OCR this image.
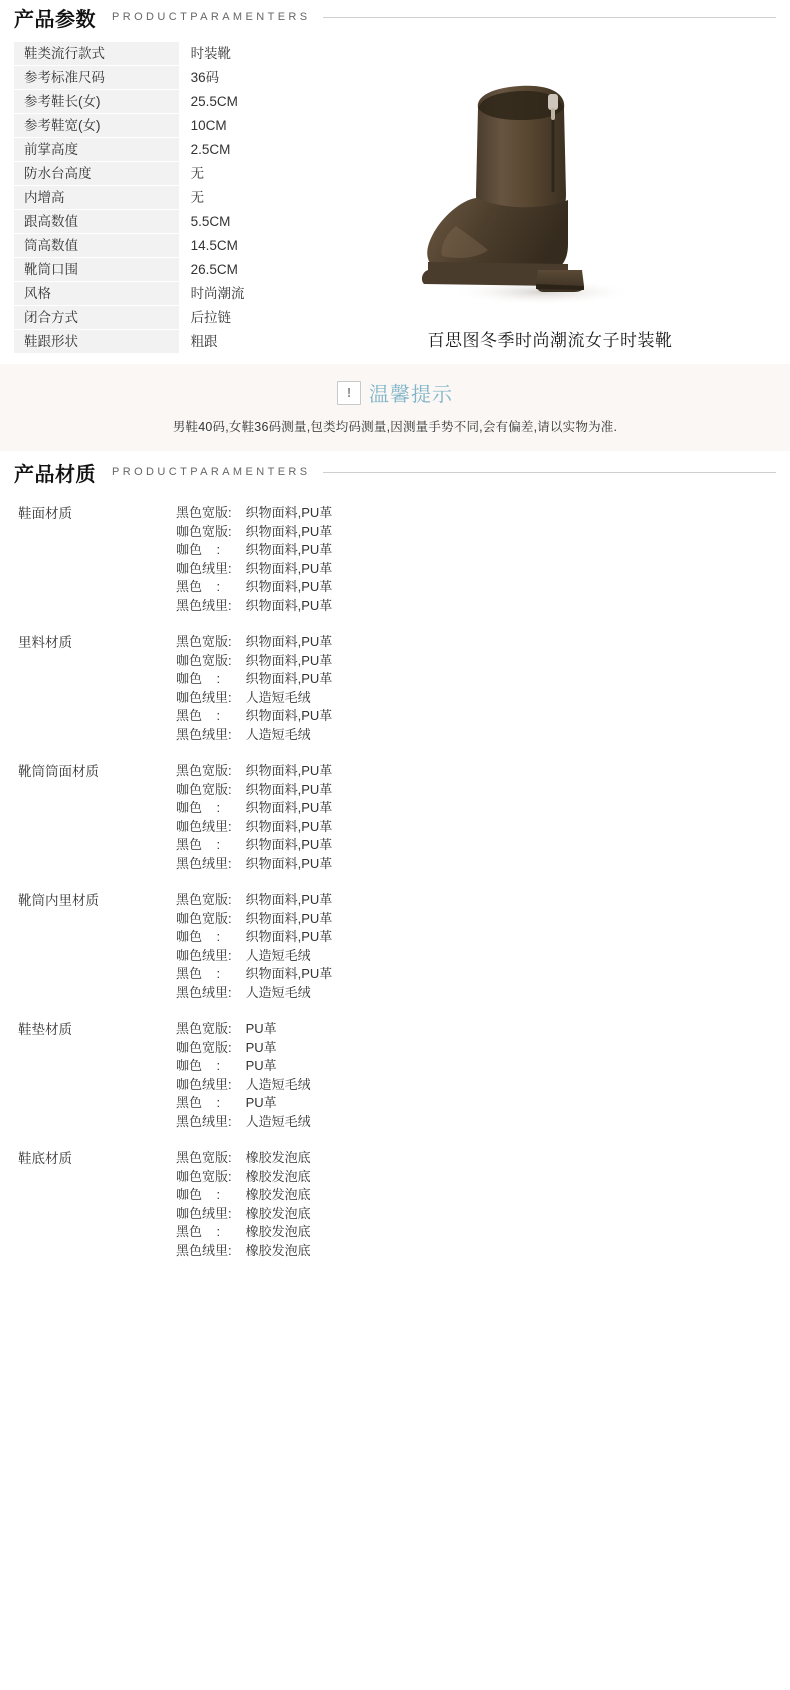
产品参数 PRODUCTPARAMENTERS
鞋类流行款式	时装靴
参考标准尺码	36码
参考鞋长(女)	25.5CM
参考鞋宽(女)	10CM
前掌高度	2.5CM
防水台高度	无
内增高	无
跟高数值	5.5CM
筒高数值	14.5CM
靴筒口围	26.5CM
风格	时尚潮流
闭合方式	后拉链
鞋跟形状	粗跟	百思图冬季时尚潮流女子时装靴
! 温馨提示
男鞋40码,女鞋36码测量,包类均码测量,因测量手势不同,会有偏差,请以实物为准.
产品材质 PRODUCTPARAMENTERS
鞋面材质	黑色宽版: 织物面料,PU革
咖色宽版: 织物面料,PU革
咖色    : 织物面料,PU革
咖色绒里: 织物面料,PU革
黑色    : 织物面料,PU革
黑色绒里: 织物面料,PU革
里料材质	黑色宽版: 织物面料,PU革
咖色宽版: 织物面料,PU革
咖色    : 织物面料,PU革
咖色绒里: 人造短毛绒
黑色    : 织物面料,PU革
黑色绒里: 人造短毛绒
靴筒筒面材质	黑色宽版: 织物面料,PU革
咖色宽版: 织物面料,PU革
咖色    : 织物面料,PU革
咖色绒里: 织物面料,PU革
黑色    : 织物面料,PU革
黑色绒里: 织物面料,PU革
靴筒内里材质	黑色宽版: 织物面料,PU革
咖色宽版: 织物面料,PU革
咖色    : 织物面料,PU革
咖色绒里: 人造短毛绒
黑色    : 织物面料,PU革
黑色绒里: 人造短毛绒
鞋垫材质	黑色宽版: PU革
咖色宽版: PU革
咖色    : PU革
咖色绒里: 人造短毛绒
黑色    : PU革
黑色绒里: 人造短毛绒
鞋底材质	黑色宽版: 橡胶发泡底
咖色宽版: 橡胶发泡底
咖色    : 橡胶发泡底
咖色绒里: 橡胶发泡底
黑色    : 橡胶发泡底
黑色绒里: 橡胶发泡底
